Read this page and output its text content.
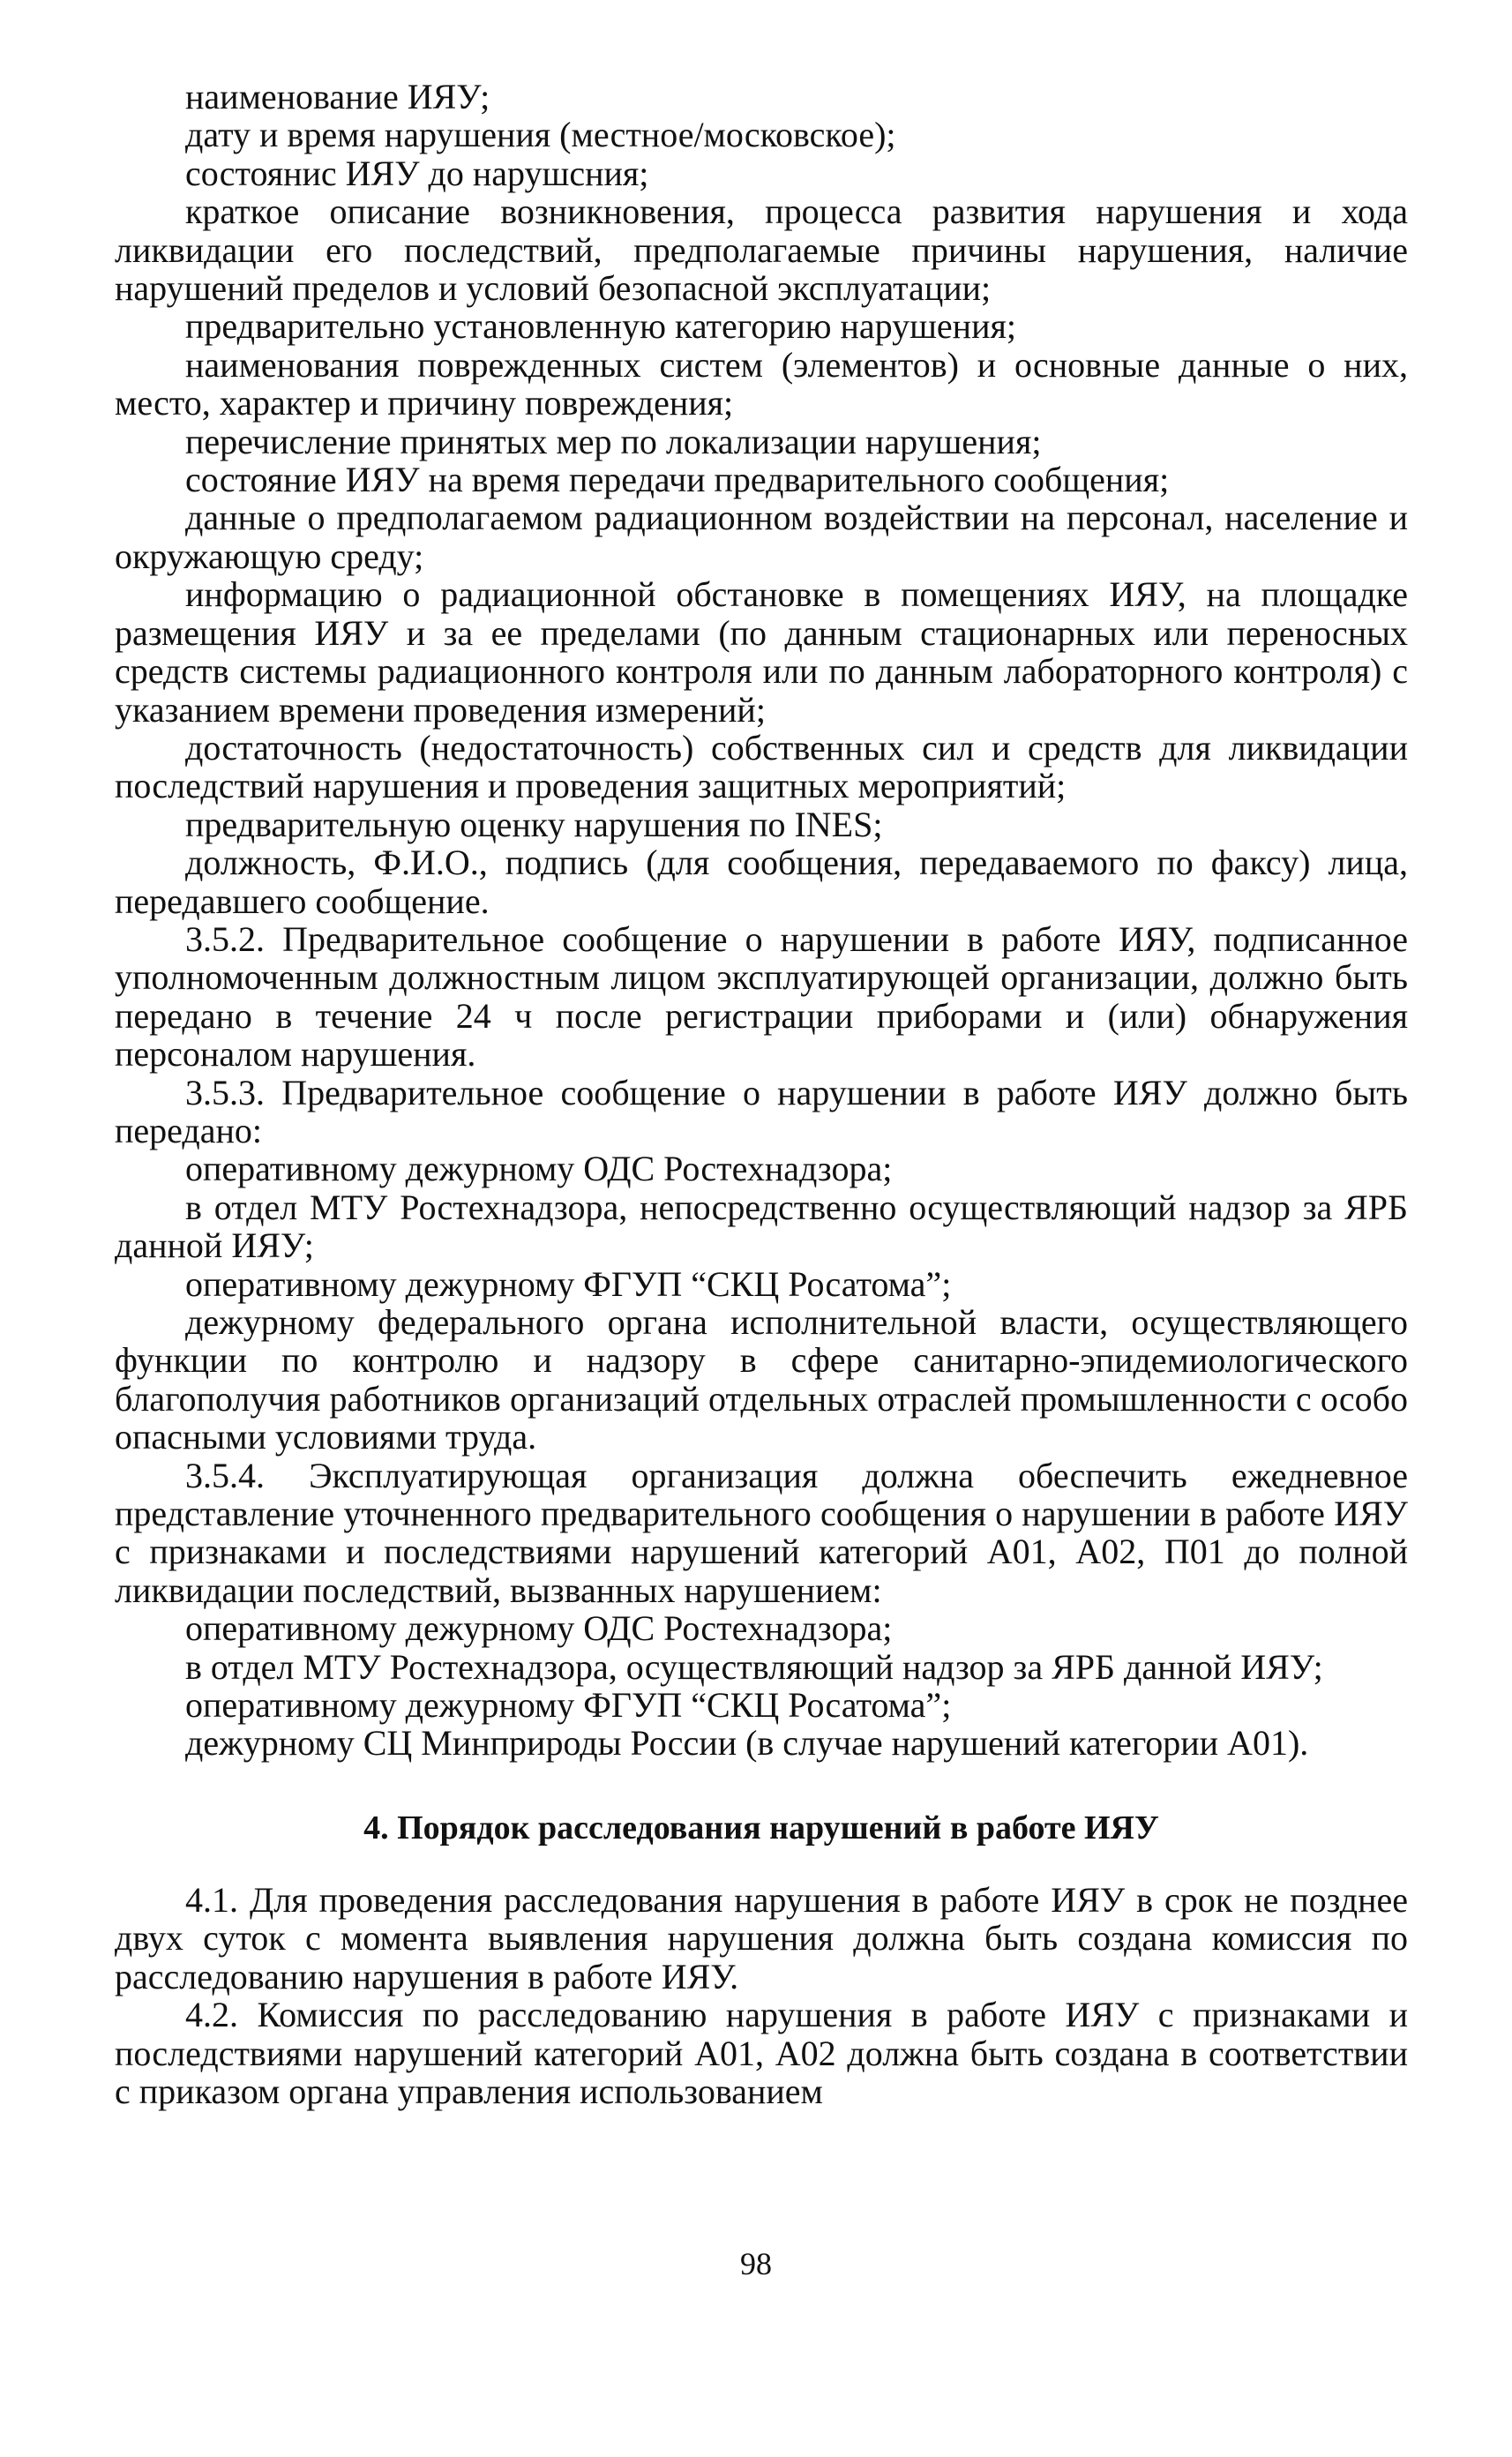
наименование ИЯУ;

дату и время нарушения (местное/московское);

состоянис ИЯУ до нарушсния;

краткое описание возникновения, процесса развития нарушения и хода ликвидации его последствий, предполагаемые причины нарушения, наличие нарушений пределов и условий безопасной эксплуатации;

предварительно установленную категорию нарушения;

наименования поврежденных систем (элементов) и основные данные о них, место, характер и причину повреждения;

перечисление принятых мер по локализации нарушения;

состояние ИЯУ на время передачи предварительного сообщения;

данные о предполагаемом радиационном воздействии на персонал, население и окружающую среду;

информацию о радиационной обстановке в помещениях ИЯУ, на площадке размещения ИЯУ и за ее пределами (по данным стационарных или переносных средств системы радиационного контроля или по данным лабораторного контроля) с указанием времени проведения измерений;

достаточность (недостаточность) собственных сил и средств для ликвидации последствий нарушения и проведения защитных мероприятий;

предварительную оценку нарушения по INES;

должность, Ф.И.О., подпись (для сообщения, передаваемого по факсу) лица, передавшего сообщение.

3.5.2. Предварительное сообщение о нарушении в работе ИЯУ, подписанное уполномоченным должностным лицом эксплуатирующей организации, должно быть передано в течение 24 ч после регистрации приборами и (или) обнаружения персоналом нарушения.

3.5.3. Предварительное сообщение о нарушении в работе ИЯУ должно быть передано:

оперативному дежурному ОДС Ростехнадзора;

в отдел МТУ Ростехнадзора, непосредственно осуществляющий надзор за ЯРБ данной ИЯУ;

оперативному дежурному ФГУП “СКЦ Росатома”;

дежурному федерального органа исполнительной власти, осуществляющего функции по контролю и надзору в сфере санитарно-эпидемиологического благополучия работников организаций отдельных отраслей промышленности с особо опасными условиями труда.

3.5.4. Эксплуатирующая организация должна обеспечить ежедневное представление уточненного предварительного сообщения о нарушении в работе ИЯУ с признаками и последствиями нарушений категорий А01, А02, П01 до полной ликвидации последствий, вызванных нарушением:

оперативному дежурному ОДС Ростехнадзора;

в отдел МТУ Ростехнадзора, осуществляющий надзор за ЯРБ данной ИЯУ;

оперативному дежурному ФГУП “СКЦ Росатома”;

дежурному СЦ Минприроды России (в случае нарушений категории А01).

4. Порядок расследования нарушений в работе ИЯУ

4.1. Для проведения расследования нарушения в работе ИЯУ в срок не позднее двух суток с момента выявления нарушения должна быть создана комиссия по расследованию нарушения в работе ИЯУ.

4.2. Комиссия по расследованию нарушения в работе ИЯУ с признаками и последствиями нарушений категорий А01, А02 должна быть создана в соответствии с приказом органа управления использованием

98
